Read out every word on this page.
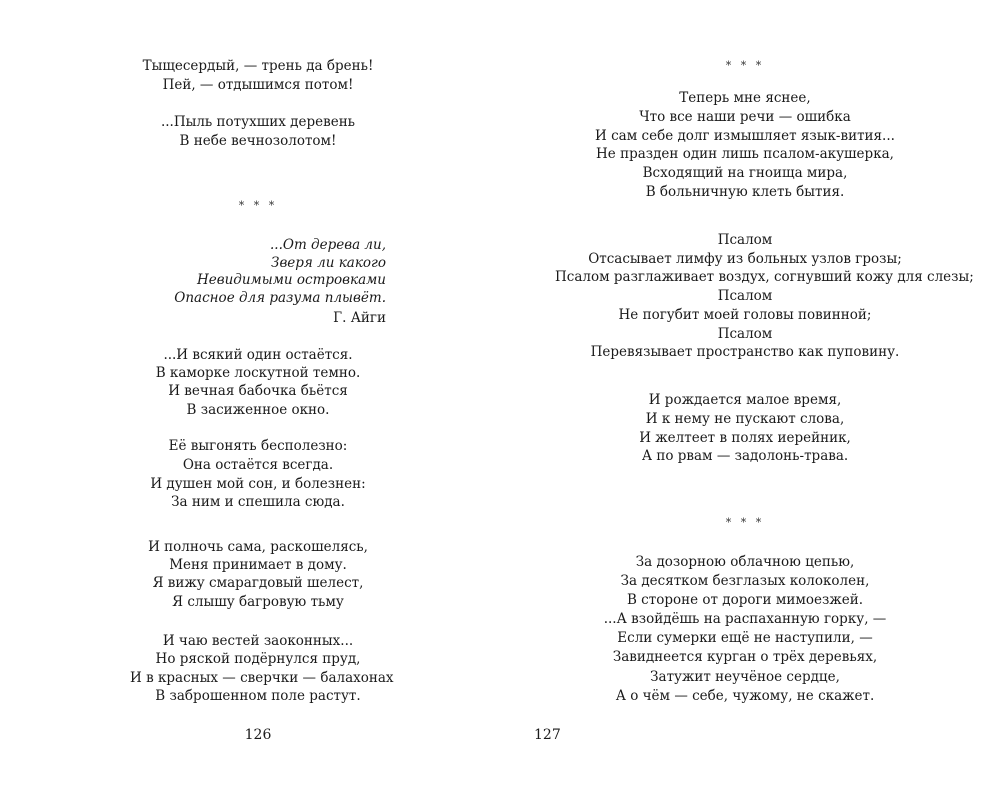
Тыщесердый, — трень да брень!
Пей, — отдышимся потом!
...Пыль потухших деревень
В небе вечнозолотом!
* * *
...От дерева ли,
Зверя ли какого
Невидимыми островками
Опасное для разума плывёт.
Г. Айги
...И всякий один остаётся.
В каморке лоскутной темно.
И вечная бабочка бьётся
В засиженное окно.
Её выгонять бесполезно:
Она остаётся всегда.
И душен мой сон, и болезнен:
За ним и спешила сюда.
И полночь сама, раскошелясь,
Меня принимает в дому.
Я вижу смарагдовый шелест,
Я слышу багровую тьму
И чаю вестей заоконных...
Но ряской подёрнулся пруд,
И в красных — сверчки — балахонах
В заброшенном поле растут.
126
* * *
Теперь мне яснее,
Что все наши речи — ошибка
И сам себе долг измышляет язык-вития...
Не празден один лишь псалом-акушерка,
Всходящий на гноища мира,
В больничную клеть бытия.
Псалом
Отсасывает лимфу из больных узлов грозы;
Псалом разглаживает воздух, согнувший кожу для слезы;
Псалом
Не погубит моей головы повинной;
Псалом
Перевязывает пространство как пуповину.
И рождается малое время,
И к нему не пускают слова,
И желтеет в полях иерейник,
А по рвам — задолонь-трава.
* * *
За дозорною облачною цепью,
За десятком безглазых колоколен,
В стороне от дороги мимоезжей.
...А взойдёшь на распаханную горку, —
Если сумерки ещё не наступили, —
Завиднеется курган о трёх деревьях,
Затужит неучёное сердце,
А о чём — себе, чужому, не скажет.
127
